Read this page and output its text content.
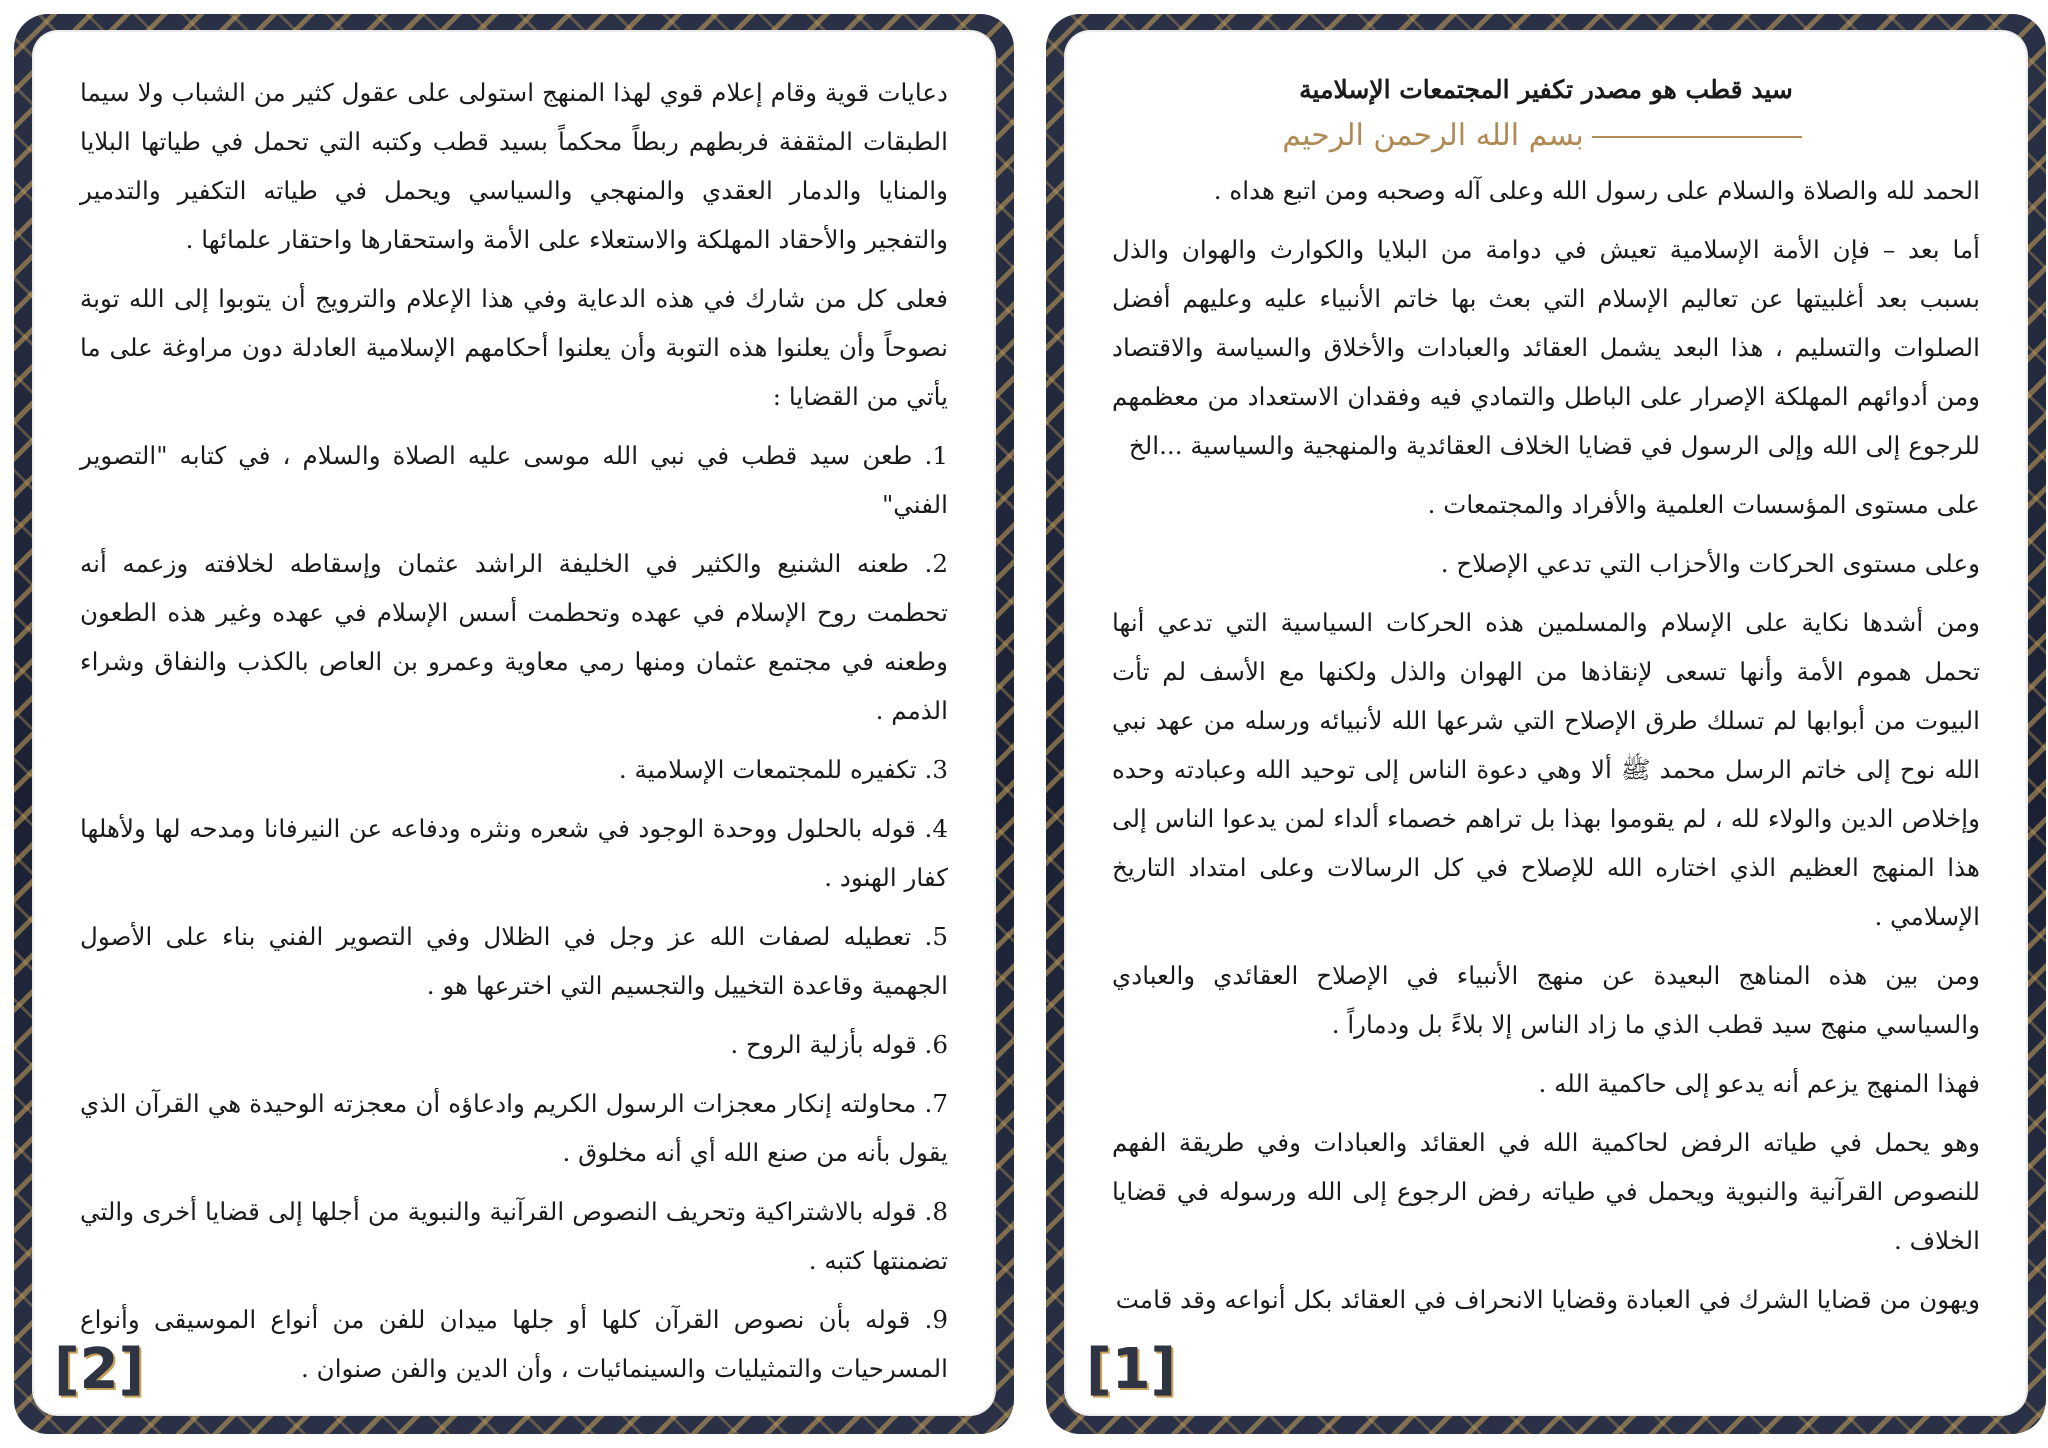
دعايات قوية وقام إعلام قوي لهذا المنهج استولى على عقول كثير من الشباب ولا سيما الطبقات المثقفة فربطهم ربطاً محكماً بسيد قطب وكتبه التي تحمل في طياتها البلايا والمنايا والدمار العقدي والمنهجي والسياسي ويحمل في طياته التكفير والتدمير والتفجير والأحقاد المهلكة والاستعلاء على الأمة واستحقارها واحتقار علمائها .

فعلى كل من شارك في هذه الدعاية وفي هذا الإعلام والترويج أن يتوبوا إلى الله توبة نصوحاً وأن يعلنوا هذه التوبة وأن يعلنوا أحكامهم الإسلامية العادلة دون مراوغة على ما يأتي من القضايا :

1. طعن سيد قطب في نبي الله موسى عليه الصلاة والسلام ، في كتابه "التصوير الفني"

2. طعنه الشنيع والكثير في الخليفة الراشد عثمان وإسقاطه لخلافته وزعمه أنه تحطمت روح الإسلام في عهده وتحطمت أسس الإسلام في عهده وغير هذه الطعون وطعنه في مجتمع عثمان ومنها رمي معاوية وعمرو بن العاص بالكذب والنفاق وشراء الذمم .

3. تكفيره للمجتمعات الإسلامية .

4. قوله بالحلول ووحدة الوجود في شعره ونثره ودفاعه عن النيرفانا ومدحه لها ولأهلها كفار الهنود .

5. تعطيله لصفات الله عز وجل في الظلال وفي التصوير الفني بناء على الأصول الجهمية وقاعدة التخييل والتجسيم التي اخترعها هو .

6. قوله بأزلية الروح .

7. محاولته إنكار معجزات الرسول الكريم وادعاؤه أن معجزته الوحيدة هي القرآن الذي يقول بأنه من صنع الله أي أنه مخلوق .

8. قوله بالاشتراكية وتحريف النصوص القرآنية والنبوية من أجلها إلى قضايا أخرى والتي تضمنتها كتبه .

9. قوله بأن نصوص القرآن كلها أو جلها ميدان للفن من أنواع الموسيقى وأنواع المسرحيات والتمثيليات والسينمائيات ، وأن الدين والفن صنوان .

[2]
سيد قطب هو مصدر تكفير المجتمعات الإسلامية
بسم الله الرحمن الرحيم

الحمد لله والصلاة والسلام على رسول الله وعلى آله وصحبه ومن اتبع هداه .

أما بعد – فإن الأمة الإسلامية تعيش في دوامة من البلايا والكوارث والهوان والذل بسبب بعد أغلبيتها عن تعاليم الإسلام التي بعث بها خاتم الأنبياء عليه وعليهم أفضل الصلوات والتسليم ، هذا البعد يشمل العقائد والعبادات والأخلاق والسياسة والاقتصاد ومن أدوائهم المهلكة الإصرار على الباطل والتمادي فيه وفقدان الاستعداد من معظمهم للرجوع إلى الله وإلى الرسول في قضايا الخلاف العقائدية والمنهجية والسياسية ...الخ

على مستوى المؤسسات العلمية والأفراد والمجتمعات .

وعلى مستوى الحركات والأحزاب التي تدعي الإصلاح .

ومن أشدها نكاية على الإسلام والمسلمين هذه الحركات السياسية التي تدعي أنها تحمل هموم الأمة وأنها تسعى لإنقاذها من الهوان والذل ولكنها مع الأسف لم تأت البيوت من أبوابها لم تسلك طرق الإصلاح التي شرعها الله لأنبيائه ورسله من عهد نبي الله نوح إلى خاتم الرسل محمد ﷺ ألا وهي دعوة الناس إلى توحيد الله وعبادته وحده وإخلاص الدين والولاء لله ، لم يقوموا بهذا بل تراهم خصماء ألداء لمن يدعوا الناس إلى هذا المنهج العظيم الذي اختاره الله للإصلاح في كل الرسالات وعلى امتداد التاريخ الإسلامي .

ومن بين هذه المناهج البعيدة عن منهج الأنبياء في الإصلاح العقائدي والعبادي والسياسي منهج سيد قطب الذي ما زاد الناس إلا بلاءً بل ودماراً .

فهذا المنهج يزعم أنه يدعو إلى حاكمية الله .

وهو يحمل في طياته الرفض لحاكمية الله في العقائد والعبادات وفي طريقة الفهم للنصوص القرآنية والنبوية ويحمل في طياته رفض الرجوع إلى الله ورسوله في قضايا الخلاف .

ويهون من قضايا الشرك في العبادة وقضايا الانحراف في العقائد بكل أنواعه وقد قامت

[1]
